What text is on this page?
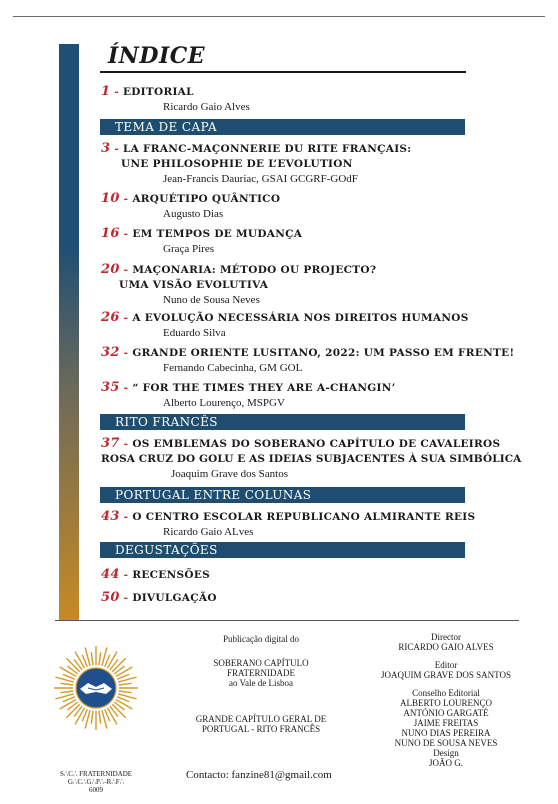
ÍNDICE
1 - EDITORIAL
Ricardo Gaio Alves
TEMA DE CAPA
3 - LA FRANC-MAÇONNERIE DU RITE FRANÇAIS:
UNE PHILOSOPHIE DE L’EVOLUTION
Jean-Francis Dauriac, GSAI GCGRF-GOdF
10 - ARQUÉTIPO QUÂNTICO
Augusto Dias
16 - EM TEMPOS DE MUDANÇA
Graça Pires
20 - MAÇONARIA: MÉTODO OU PROJECTO?
UMA VISÃO EVOLUTIVA
Nuno de Sousa Neves
26 - A EVOLUÇÃO NECESSÁRIA NOS DIREITOS HUMANOS
Eduardo Silva
32 - GRANDE ORIENTE LUSITANO, 2022: UM PASSO EM FRENTE!
Fernando Cabecinha, GM GOL
35 - “ FOR THE TIMES THEY ARE A-CHANGIN’
Alberto Lourenço, MSPGV
RITO FRANCÊS
37 - OS EMBLEMAS DO SOBERANO CAPÍTULO DE CAVALEIROS
ROSA CRUZ DO GOLU E AS IDEIAS SUBJACENTES À SUA SIMBÓLICA
Joaquim Grave dos Santos
PORTUGAL ENTRE COLUNAS
43 - O CENTRO ESCOLAR REPUBLICANO ALMIRANTE REIS
Ricardo Gaio ALves
DEGUSTAÇÕES
44 - RECENSÕES
50 - DIVULGAÇÃO
S∴C∴ FRATERNIDADE
G∴C∴G∴P∴-R∴F∴
6009
Publicação digital do
SOBERANO CAPÍTULO
FRATERNIDADE
ao Vale de Lisboa
GRANDE CAPÍTULO GERAL DE
PORTUGAL - RITO FRANCÊS
Contacto: fanzine81@gmail.com
Director
RICARDO GAIO ALVES
Editor
JOAQUIM GRAVE DOS SANTOS
Conselho Editorial
ALBERTO LOURENÇO
ANTÓNIO GARGATÉ
JAIME FREITAS
NUNO DIAS PEREIRA
NUNO DE SOUSA NEVES
Design
JOÃO G.
